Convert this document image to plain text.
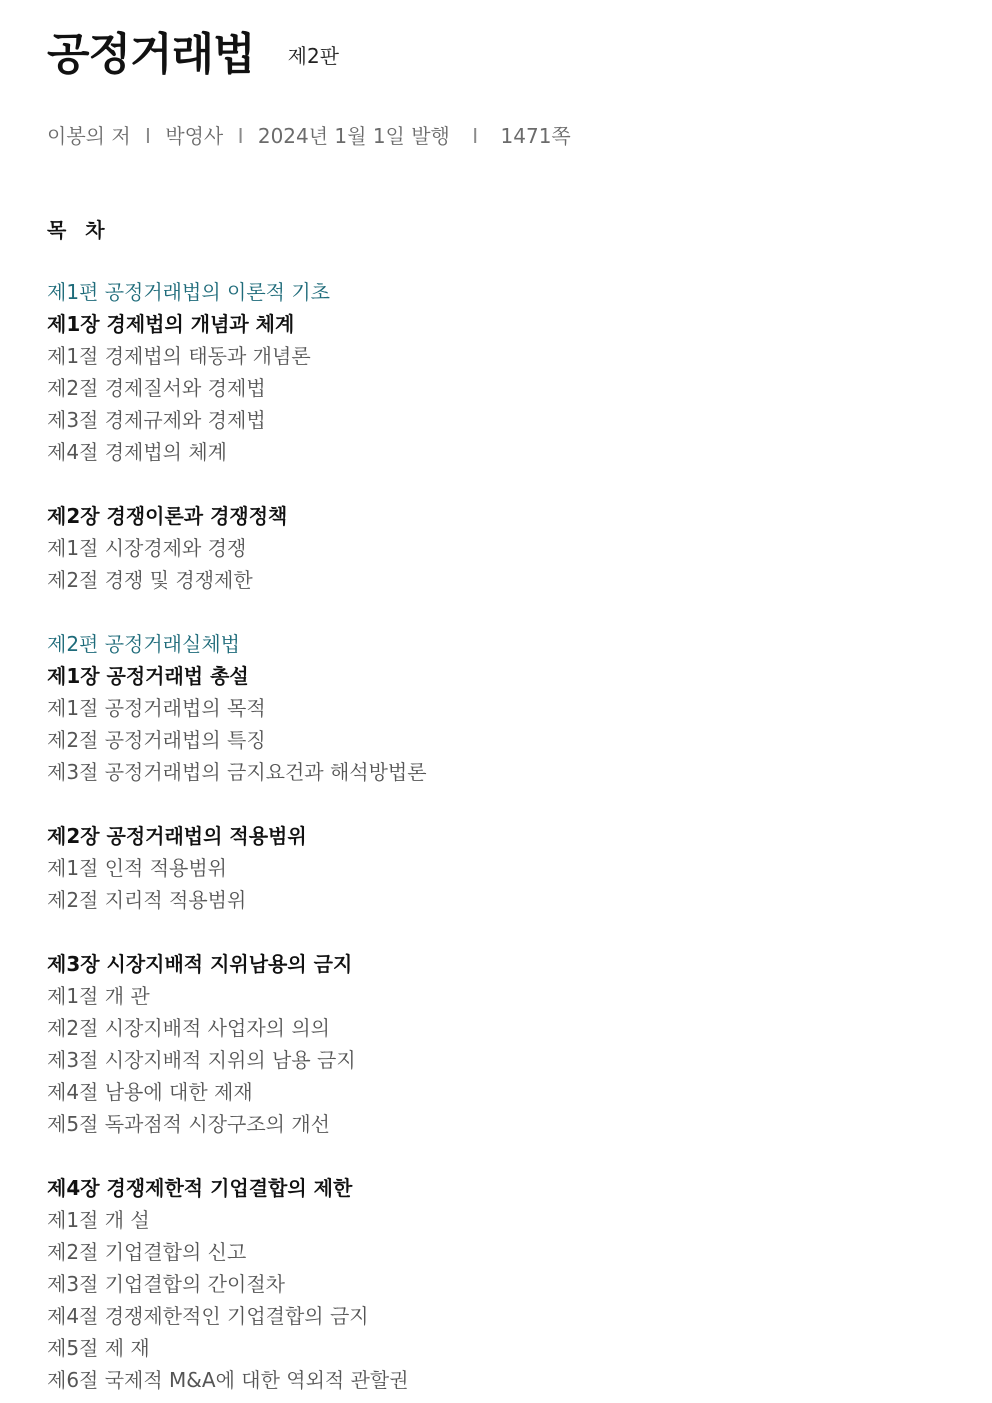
공정거래법 제2판
이봉의 저 I 박영사 I 2024년 1월 1일 발행 I 1471쪽
목 차
제1편 공정거래법의 이론적 기초
제1장 경제법의 개념과 체계
제1절 경제법의 태동과 개념론
제2절 경제질서와 경제법
제3절 경제규제와 경제법
제4절 경제법의 체계
제2장 경쟁이론과 경쟁정책
제1절 시장경제와 경쟁
제2절 경쟁 및 경쟁제한
제2편 공정거래실체법
제1장 공정거래법 총설
제1절 공정거래법의 목적
제2절 공정거래법의 특징
제3절 공정거래법의 금지요건과 해석방법론
제2장 공정거래법의 적용범위
제1절 인적 적용범위
제2절 지리적 적용범위
제3장 시장지배적 지위남용의 금지
제1절 개 관
제2절 시장지배적 사업자의 의의
제3절 시장지배적 지위의 남용 금지
제4절 남용에 대한 제재
제5절 독과점적 시장구조의 개선
제4장 경쟁제한적 기업결합의 제한
제1절 개 설
제2절 기업결합의 신고
제3절 기업결합의 간이절차
제4절 경쟁제한적인 기업결합의 금지
제5절 제 재
제6절 국제적 M&A에 대한 역외적 관할권
